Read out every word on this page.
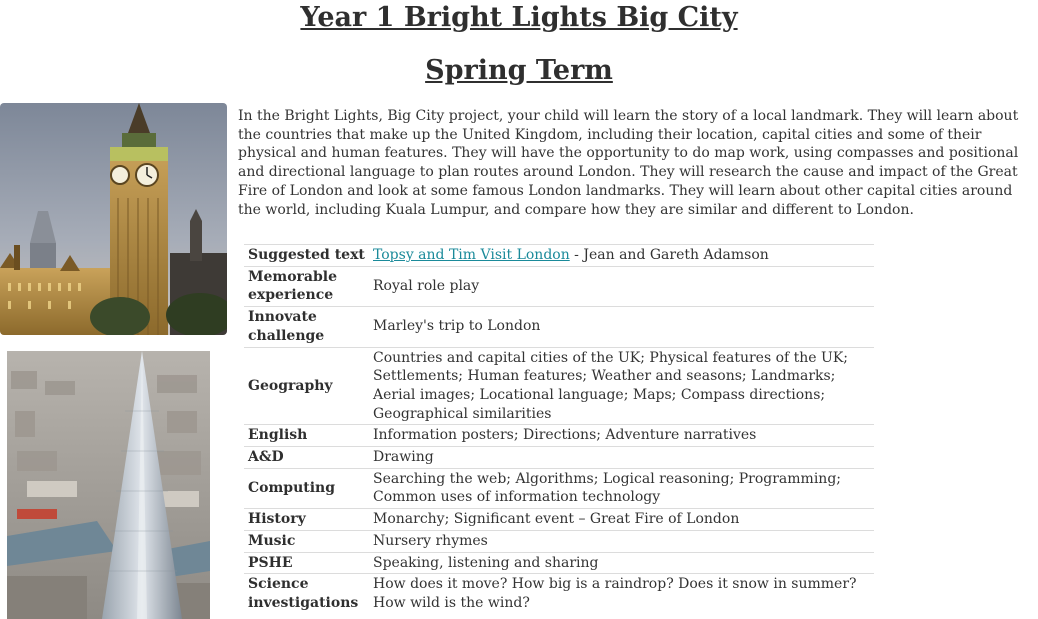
Year 1 Bright Lights Big City
Spring Term

In the Bright Lights, Big City project, your child will learn the story of a local landmark. They will learn about the countries that make up the United Kingdom, including their location, capital cities and some of their physical and human features. They will have the opportunity to do map work, using compasses and positional and directional language to plan routes around London. They will research the cause and impact of the Great Fire of London and look at some famous London landmarks. They will learn about other capital cities around the world, including Kuala Lumpur, and compare how they are similar and different to London.

Suggested text	Topsy and Tim Visit London - Jean and Gareth Adamson
Memorable experience	Royal role play
Innovate challenge	Marley's trip to London
Geography	Countries and capital cities of the UK; Physical features of the UK; Settlements; Human features; Weather and seasons; Landmarks; Aerial images; Locational language; Maps; Compass directions; Geographical similarities
English	Information posters; Directions; Adventure narratives
A&D	Drawing
Computing	Searching the web; Algorithms; Logical reasoning; Programming; Common uses of information technology
History	Monarchy; Significant event – Great Fire of London
Music	Nursery rhymes
PSHE	Speaking, listening and sharing
Science investigations	How does it move? How big is a raindrop? Does it snow in summer? How wild is the wind?
